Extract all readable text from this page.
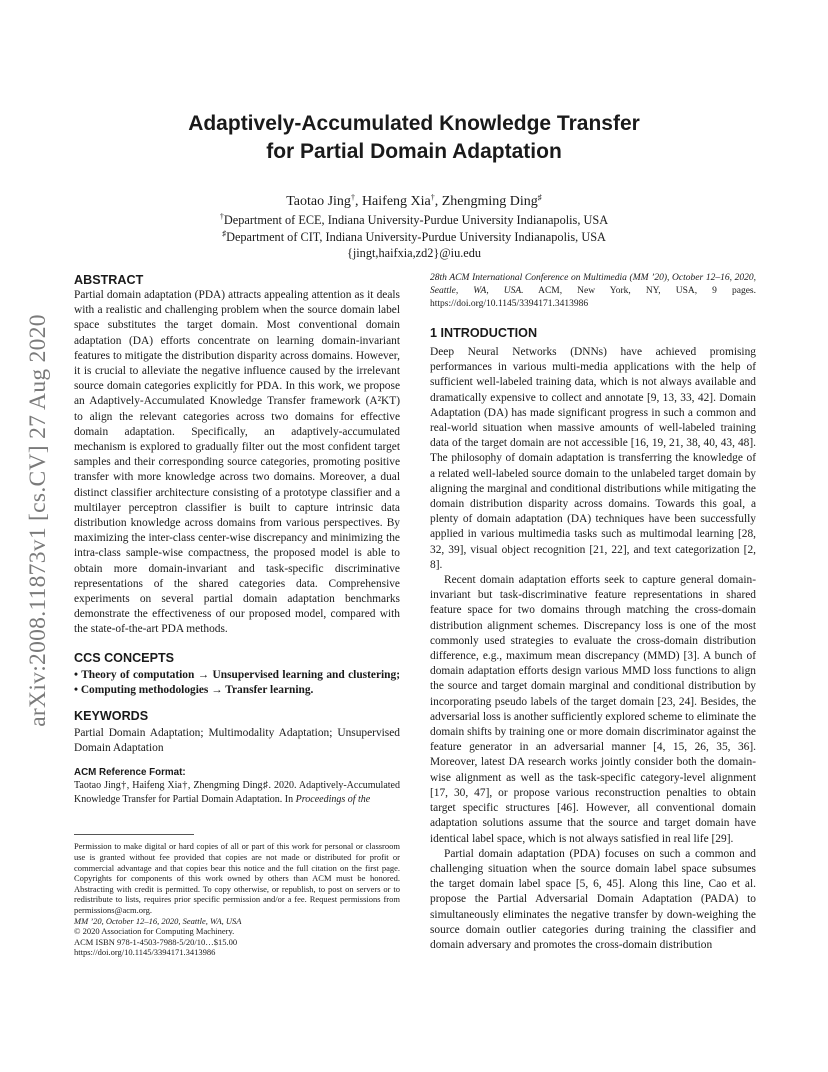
arXiv:2008.11873v1 [cs.CV] 27 Aug 2020
Adaptively-Accumulated Knowledge Transfer
for Partial Domain Adaptation
Taotao Jing†, Haifeng Xia†, Zhengming Ding♯
†Department of ECE, Indiana University-Purdue University Indianapolis, USA
♯Department of CIT, Indiana University-Purdue University Indianapolis, USA
{jingt,haifxia,zd2}@iu.edu
ABSTRACT

Partial domain adaptation (PDA) attracts appealing attention as it deals with a realistic and challenging problem when the source domain label space substitutes the target domain. Most conventional domain adaptation (DA) efforts concentrate on learning domain-invariant features to mitigate the distribution disparity across domains. However, it is crucial to alleviate the negative influence caused by the irrelevant source domain categories explicitly for PDA. In this work, we propose an Adaptively-Accumulated Knowledge Transfer framework (A²KT) to align the relevant categories across two domains for effective domain adaptation. Specifically, an adaptively-accumulated mechanism is explored to gradually filter out the most confident target samples and their corresponding source categories, promoting positive transfer with more knowledge across two domains. Moreover, a dual distinct classifier architecture consisting of a prototype classifier and a multilayer perceptron classifier is built to capture intrinsic data distribution knowledge across domains from various perspectives. By maximizing the inter-class center-wise discrepancy and minimizing the intra-class sample-wise compactness, the proposed model is able to obtain more domain-invariant and task-specific discriminative representations of the shared categories data. Comprehensive experiments on several partial domain adaptation benchmarks demonstrate the effectiveness of our proposed model, compared with the state-of-the-art PDA methods.

CCS CONCEPTS

• Theory of computation → Unsupervised learning and clustering; • Computing methodologies → Transfer learning.

KEYWORDS

Partial Domain Adaptation; Multimodality Adaptation; Unsupervised Domain Adaptation

ACM Reference Format:

Taotao Jing†, Haifeng Xia†, Zhengming Ding♯. 2020. Adaptively-Accumulated Knowledge Transfer for Partial Domain Adaptation. In Proceedings of the

Permission to make digital or hard copies of all or part of this work for personal or classroom use is granted without fee provided that copies are not made or distributed for profit or commercial advantage and that copies bear this notice and the full citation on the first page. Copyrights for components of this work owned by others than ACM must be honored. Abstracting with credit is permitted. To copy otherwise, or republish, to post on servers or to redistribute to lists, requires prior specific permission and/or a fee. Request permissions from permissions@acm.org.

MM ’20, October 12–16, 2020, Seattle, WA, USA

© 2020 Association for Computing Machinery.

ACM ISBN 978-1-4503-7988-5/20/10…$15.00

https://doi.org/10.1145/3394171.3413986

28th ACM International Conference on Multimedia (MM ’20), October 12–16, 2020, Seattle, WA, USA. ACM, New York, NY, USA, 9 pages. https://doi.org/10.1145/3394171.3413986

1 INTRODUCTION

Deep Neural Networks (DNNs) have achieved promising performances in various multi-media applications with the help of sufficient well-labeled training data, which is not always available and dramatically expensive to collect and annotate [9, 13, 33, 42]. Domain Adaptation (DA) has made significant progress in such a common and real-world situation when massive amounts of well-labeled training data of the target domain are not accessible [16, 19, 21, 38, 40, 43, 48]. The philosophy of domain adaptation is transferring the knowledge of a related well-labeled source domain to the unlabeled target domain by aligning the marginal and conditional distributions while mitigating the domain distribution disparity across domains. Towards this goal, a plenty of domain adaptation (DA) techniques have been successfully applied in various multimedia tasks such as multimodal learning [28, 32, 39], visual object recognition [21, 22], and text categorization [2, 8].

Recent domain adaptation efforts seek to capture general domain-invariant but task-discriminative feature representations in shared feature space for two domains through matching the cross-domain distribution alignment schemes. Discrepancy loss is one of the most commonly used strategies to evaluate the cross-domain distribution difference, e.g., maximum mean discrepancy (MMD) [3]. A bunch of domain adaptation efforts design various MMD loss functions to align the source and target domain marginal and conditional distribution by incorporating pseudo labels of the target domain [23, 24]. Besides, the adversarial loss is another sufficiently explored scheme to eliminate the domain shifts by training one or more domain discriminator against the feature generator in an adversarial manner [4, 15, 26, 35, 36]. Moreover, latest DA research works jointly consider both the domain-wise alignment as well as the task-specific category-level alignment [17, 30, 47], or propose various reconstruction penalties to obtain target specific structures [46]. However, all conventional domain adaptation solutions assume that the source and target domain have identical label space, which is not always satisfied in real life [29].

Partial domain adaptation (PDA) focuses on such a common and challenging situation when the source domain label space subsumes the target domain label space [5, 6, 45]. Along this line, Cao et al. propose the Partial Adversarial Domain Adaptation (PADA) to simultaneously eliminates the negative transfer by down-weighing the source domain outlier categories during training the classifier and domain adversary and promotes the cross-domain distribution
